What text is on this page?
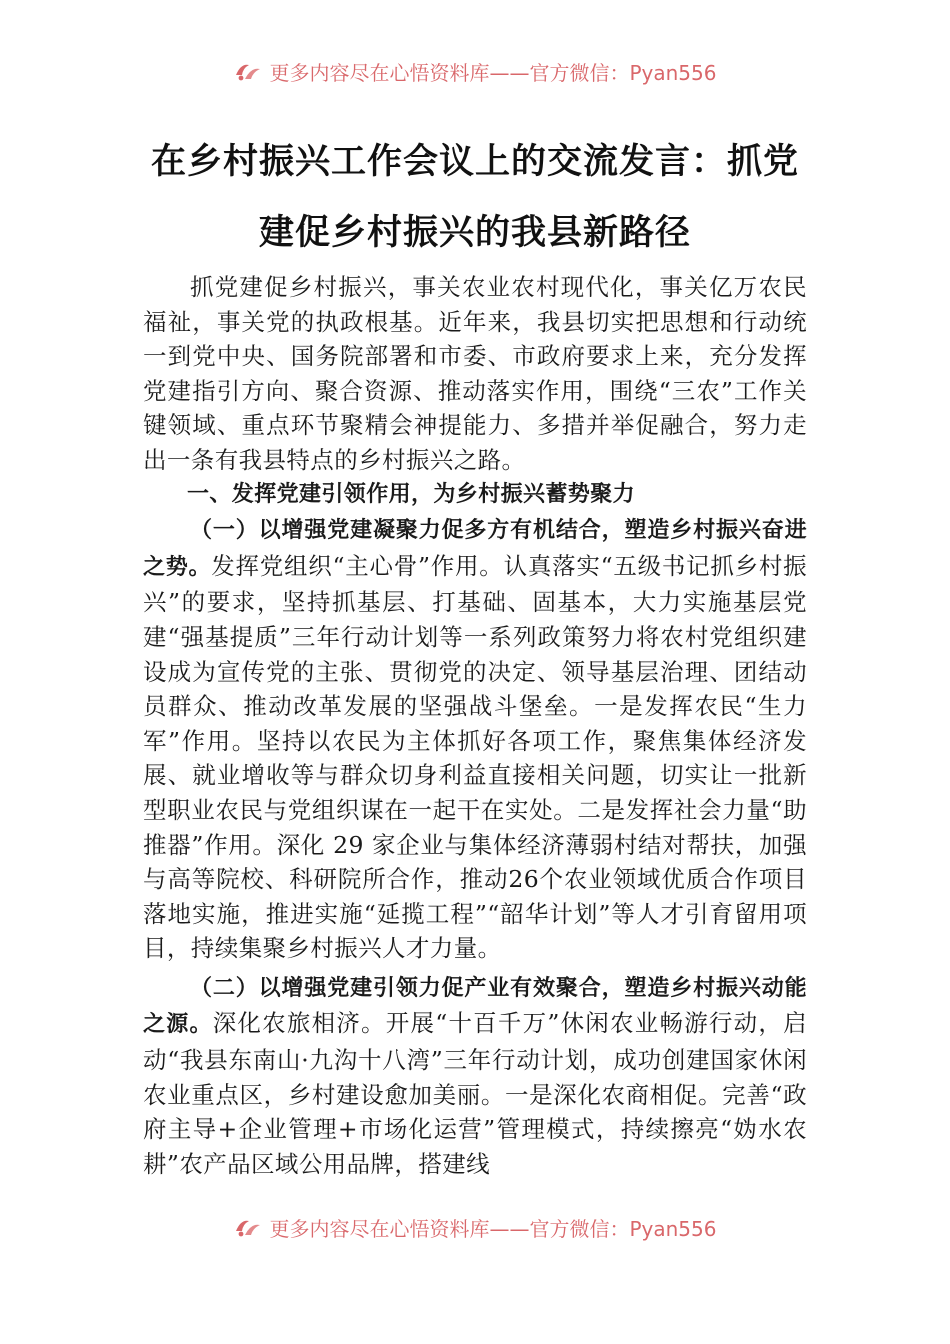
更多内容尽在心悟资料库——官方微信：Pyan556
在乡村振兴工作会议上的交流发言：抓党
建促乡村振兴的我县新路径

抓党建促乡村振兴，事关农业农村现代化，事关亿万农民福祉，事关党的执政根基。近年来，我县切实把思想和行动统一到党中央、国务院部署和市委、市政府要求上来，充分发挥党建指引方向、聚合资源、推动落实作用，围绕“三农”工作关键领域、重点环节聚精会神提能力、多措并举促融合，努力走出一条有我县特点的乡村振兴之路。

一、发挥党建引领作用，为乡村振兴蓄势聚力

（一）以增强党建凝聚力促多方有机结合，塑造乡村振兴奋进之势。发挥党组织“主心骨”作用。认真落实“五级书记抓乡村振兴”的要求，坚持抓基层、打基础、固基本，大力实施基层党建“强基提质”三年行动计划等一系列政策努力将农村党组织建设成为宣传党的主张、贯彻党的决定、领导基层治理、团结动员群众、推动改革发展的坚强战斗堡垒。一是发挥农民“生力军”作用。坚持以农民为主体抓好各项工作，聚焦集体经济发展、就业增收等与群众切身利益直接相关问题，切实让一批新型职业农民与党组织谋在一起干在实处。二是发挥社会力量“助推器”作用。深化 29 家企业与集体经济薄弱村结对帮扶，加强与高等院校、科研院所合作，推动26个农业领域优质合作项目落地实施，推进实施“延揽工程”“韶华计划”等人才引育留用项目，持续集聚乡村振兴人才力量。

（二）以增强党建引领力促产业有效聚合，塑造乡村振兴动能之源。深化农旅相济。开展“十百千万”休闲农业畅游行动，启动“我县东南山·九沟十八湾”三年行动计划，成功创建国家休闲农业重点区，乡村建设愈加美丽。一是深化农商相促。完善“政府主导+企业管理+市场化运营”管理模式，持续擦亮“妫水农耕”农产品区域公用品牌，搭建线

更多内容尽在心悟资料库——官方微信：Pyan556
